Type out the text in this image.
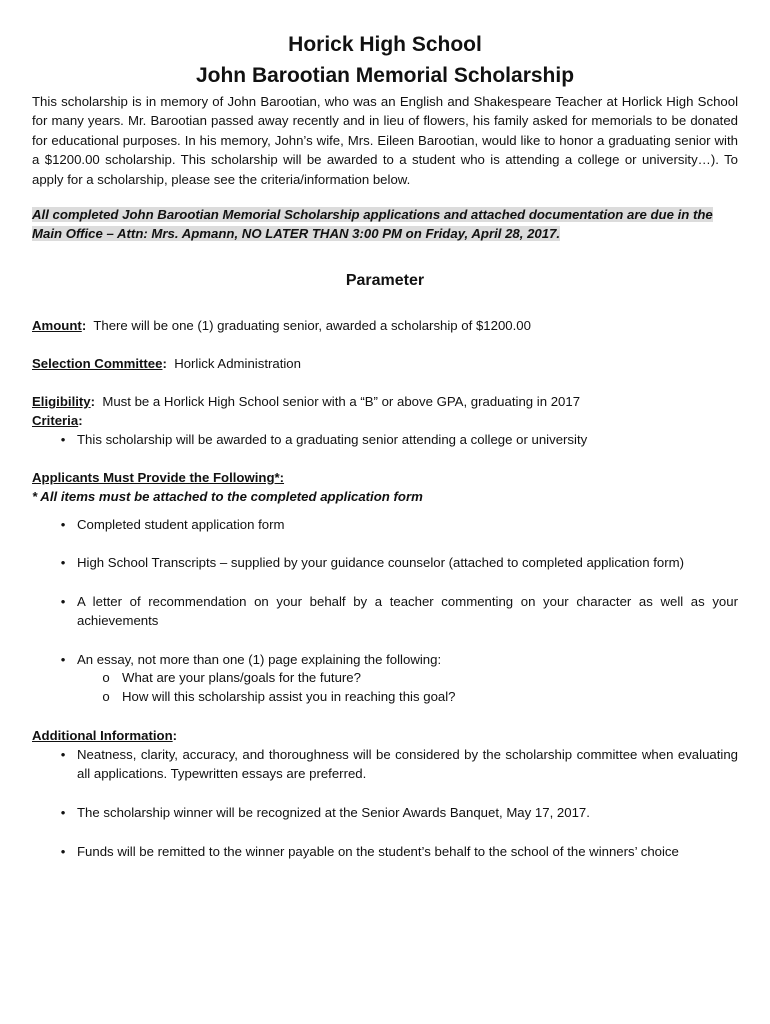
Horick High School
John Barootian Memorial Scholarship
This scholarship is in memory of John Barootian, who was an English and Shakespeare Teacher at Horlick High School for many years. Mr. Barootian passed away recently and in lieu of flowers, his family asked for memorials to be donated for educational purposes. In his memory, John’s wife, Mrs. Eileen Barootian, would like to honor a graduating senior with a $1200.00 scholarship. This scholarship will be awarded to a student who is attending a college or university…). To apply for a scholarship, please see the criteria/information below.
All completed John Barootian Memorial Scholarship applications and attached documentation are due in the Main Office – Attn: Mrs. Apmann, NO LATER THAN 3:00 PM on Friday, April 28, 2017.
Parameter
Amount: There will be one (1) graduating senior, awarded a scholarship of $1200.00
Selection Committee: Horlick Administration
Eligibility: Must be a Horlick High School senior with a “B” or above GPA, graduating in 2017
Criteria:
• This scholarship will be awarded to a graduating senior attending a college or university
Applicants Must Provide the Following*:
* All items must be attached to the completed application form
• Completed student application form
• High School Transcripts – supplied by your guidance counselor (attached to completed application form)
• A letter of recommendation on your behalf by a teacher commenting on your character as well as your achievements
• An essay, not more than one (1) page explaining the following:
o What are your plans/goals for the future?
o How will this scholarship assist you in reaching this goal?
Additional Information:
• Neatness, clarity, accuracy, and thoroughness will be considered by the scholarship committee when evaluating all applications. Typewritten essays are preferred.
• The scholarship winner will be recognized at the Senior Awards Banquet, May 17, 2017.
• Funds will be remitted to the winner payable on the student’s behalf to the school of the winners’ choice
